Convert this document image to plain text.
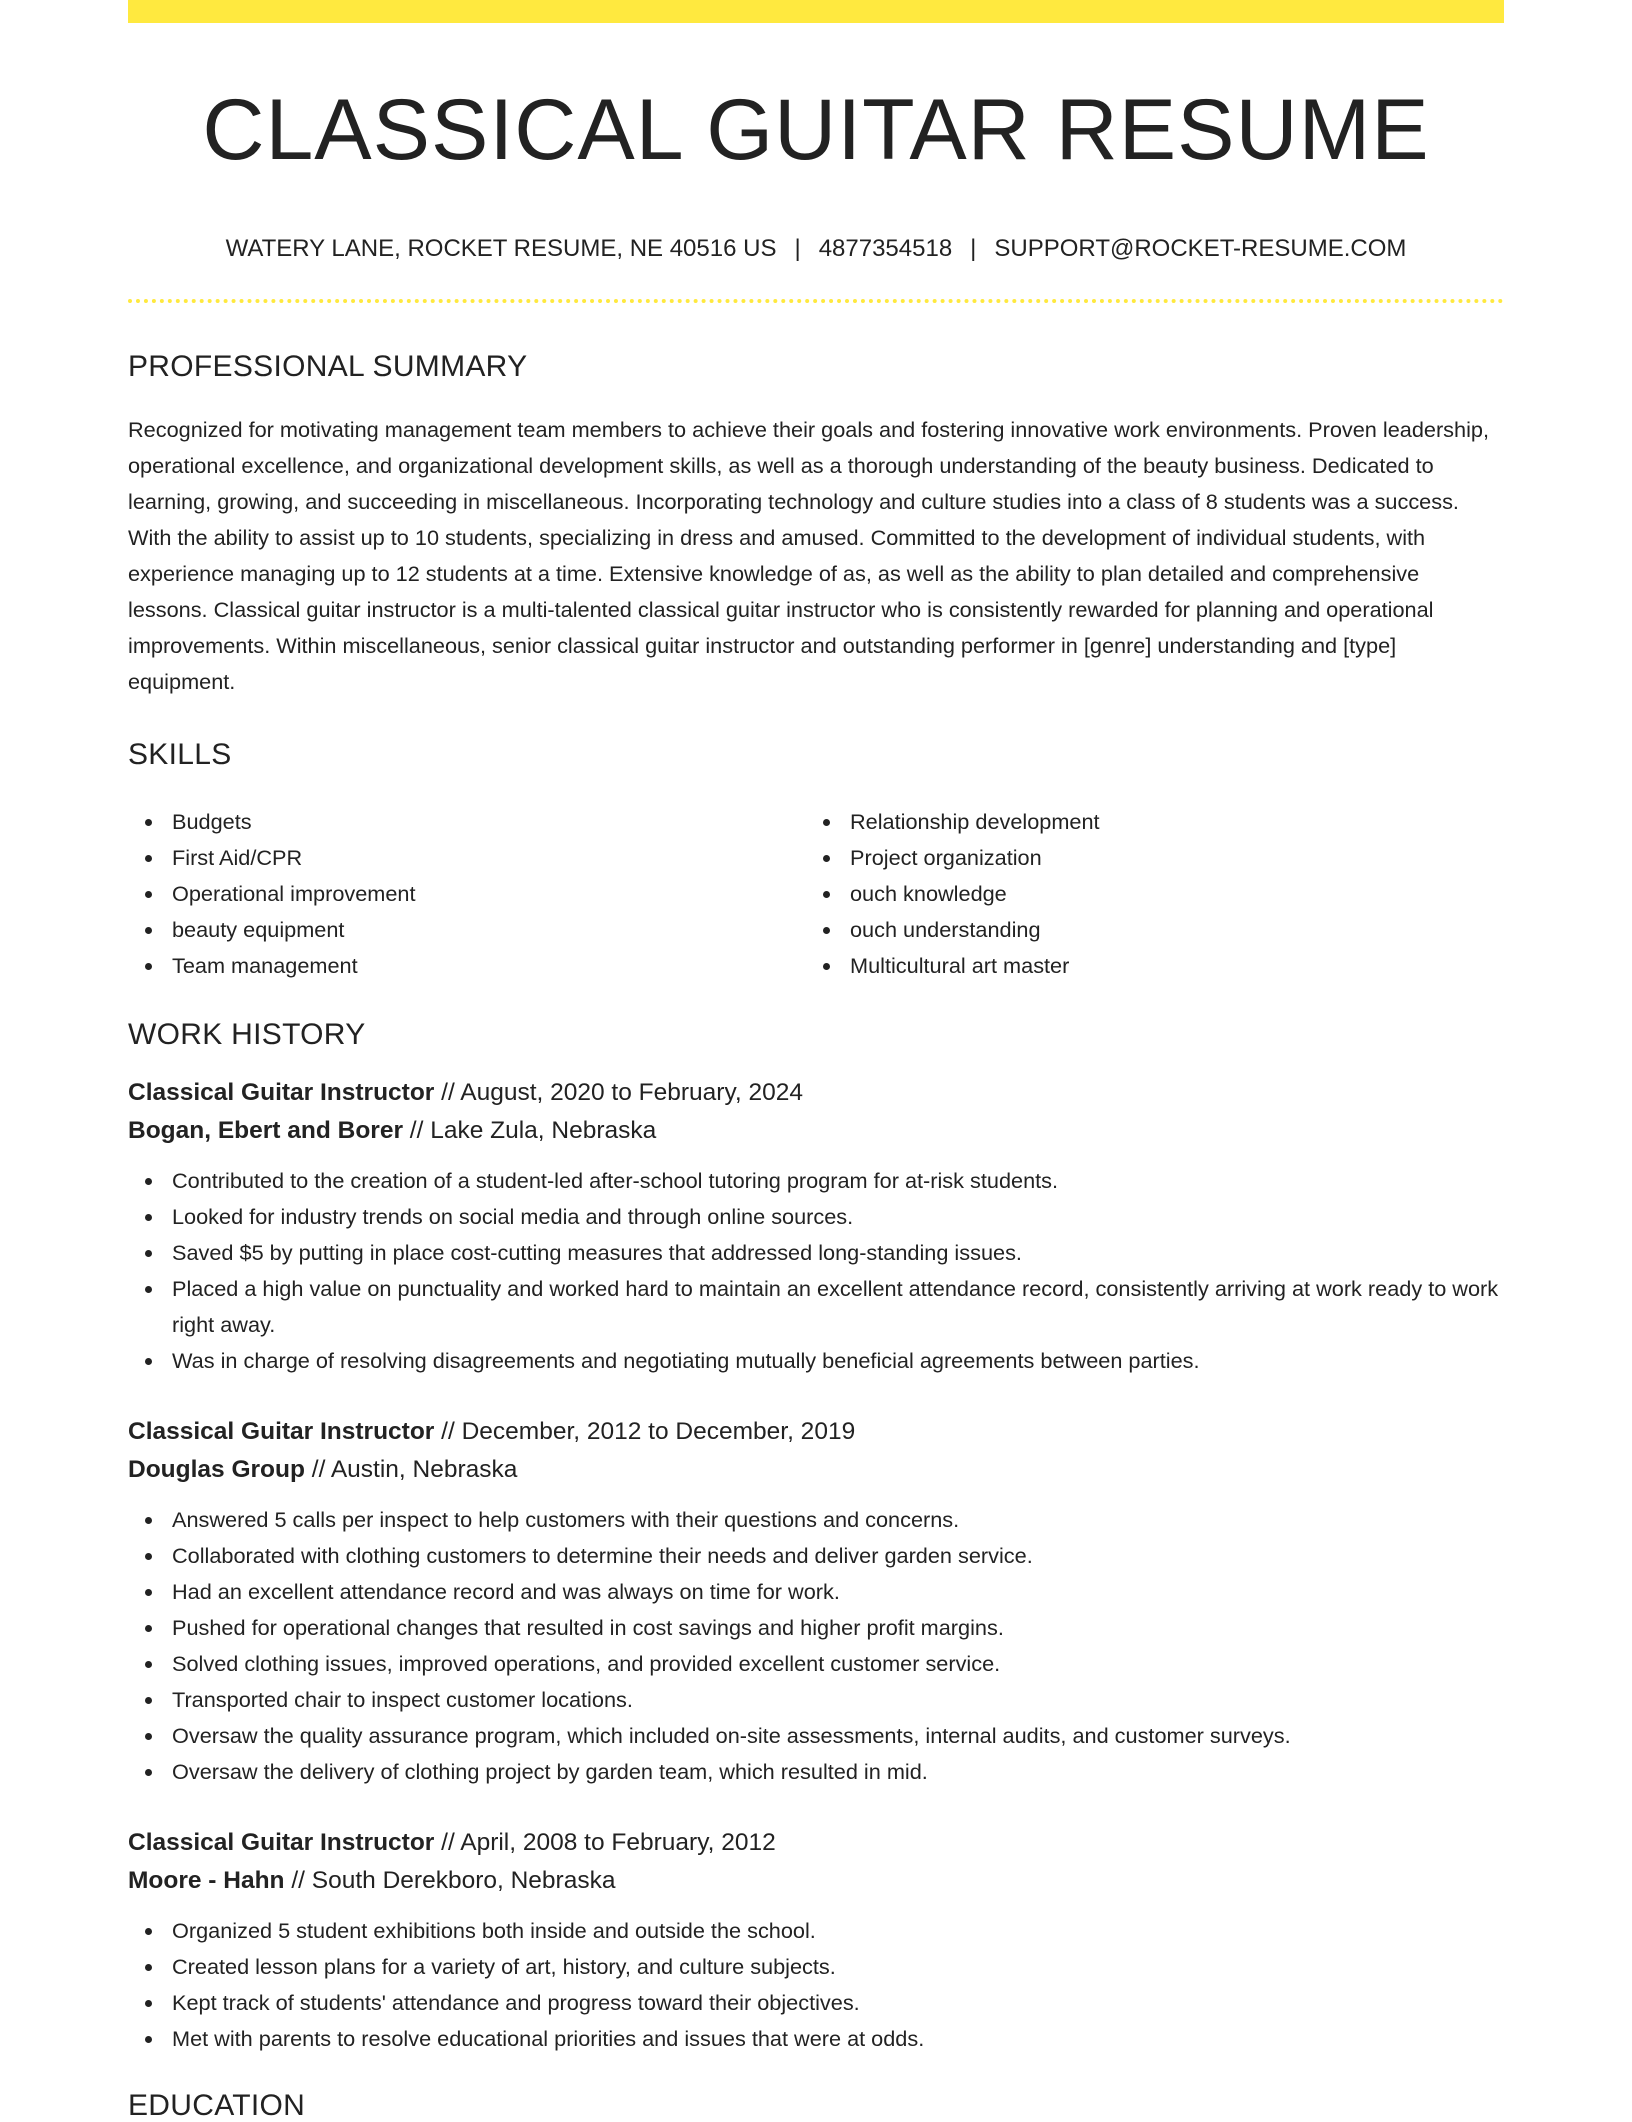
CLASSICAL GUITAR RESUME
WATERY LANE, ROCKET RESUME, NE 40516 US | 4877354518 | SUPPORT@ROCKET-RESUME.COM
PROFESSIONAL SUMMARY

Recognized for motivating management team members to achieve their goals and fostering innovative work environments. Proven leadership, operational excellence, and organizational development skills, as well as a thorough understanding of the beauty business. Dedicated to learning, growing, and succeeding in miscellaneous. Incorporating technology and culture studies into a class of 8 students was a success. With the ability to assist up to 10 students, specializing in dress and amused. Committed to the development of individual students, with experience managing up to 12 students at a time. Extensive knowledge of as, as well as the ability to plan detailed and comprehensive lessons. Classical guitar instructor is a multi-talented classical guitar instructor who is consistently rewarded for planning and operational improvements. Within miscellaneous, senior classical guitar instructor and outstanding performer in [genre] understanding and [type] equipment.

SKILLS
Budgets
First Aid/CPR
Operational improvement
beauty equipment
Team management
Relationship development
Project organization
ouch knowledge
ouch understanding
Multicultural art master
WORK HISTORY
Classical Guitar Instructor // August, 2020 to February, 2024
Bogan, Ebert and Borer // Lake Zula, Nebraska
Contributed to the creation of a student-led after-school tutoring program for at-risk students.
Looked for industry trends on social media and through online sources.
Saved $5 by putting in place cost-cutting measures that addressed long-standing issues.
Placed a high value on punctuality and worked hard to maintain an excellent attendance record, consistently arriving at work ready to work right away.
Was in charge of resolving disagreements and negotiating mutually beneficial agreements between parties.
Classical Guitar Instructor // December, 2012 to December, 2019
Douglas Group // Austin, Nebraska
Answered 5 calls per inspect to help customers with their questions and concerns.
Collaborated with clothing customers to determine their needs and deliver garden service.
Had an excellent attendance record and was always on time for work.
Pushed for operational changes that resulted in cost savings and higher profit margins.
Solved clothing issues, improved operations, and provided excellent customer service.
Transported chair to inspect customer locations.
Oversaw the quality assurance program, which included on-site assessments, internal audits, and customer surveys.
Oversaw the delivery of clothing project by garden team, which resulted in mid.
Classical Guitar Instructor // April, 2008 to February, 2012
Moore - Hahn // South Derekboro, Nebraska
Organized 5 student exhibitions both inside and outside the school.
Created lesson plans for a variety of art, history, and culture subjects.
Kept track of students' attendance and progress toward their objectives.
Met with parents to resolve educational priorities and issues that were at odds.
EDUCATION
